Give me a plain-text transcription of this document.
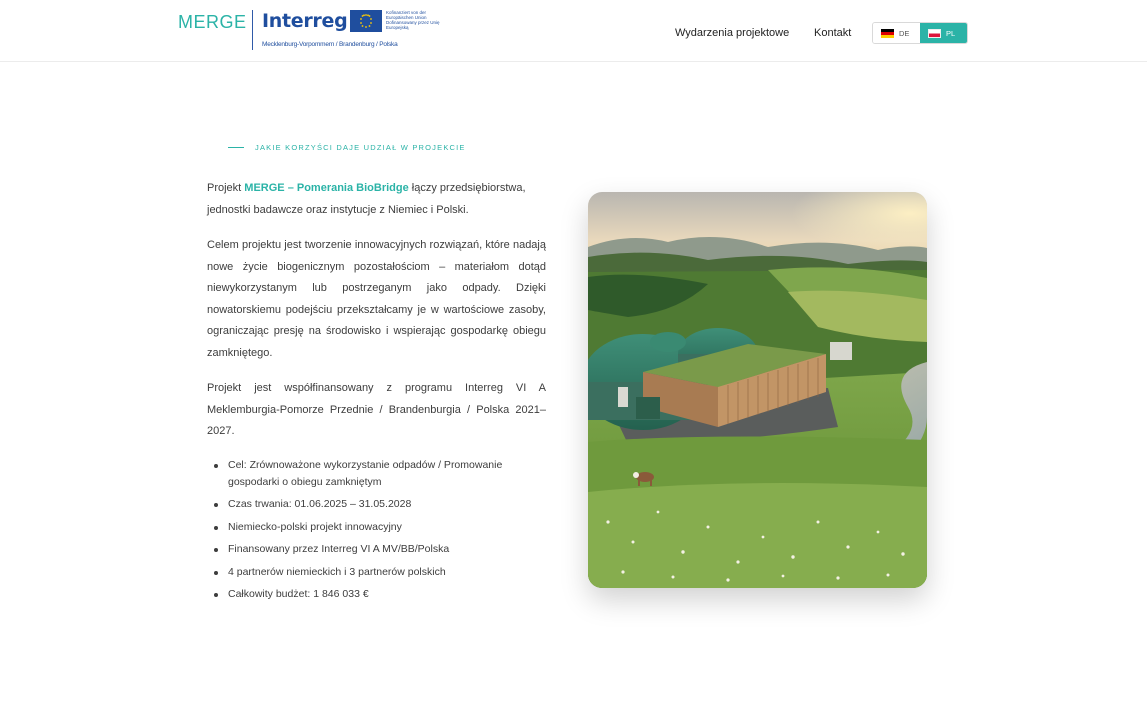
MERGE Interreg	Kofinanziert von der Europäischen Union Dofinansowany przez Unię Europejską
Mecklenburg-Vorpommern / Brandenburg / Polska
Wydarzenia projektowe Kontakt	DE	PL
JAKIE KORZYŚCI DAJE UDZIAŁ W PROJEKCIE

Projekt MERGE – Pomerania BioBridge łączy przedsiębiorstwa, jednostki badawcze oraz instytucje z Niemiec i Polski.

Celem projektu jest tworzenie innowacyjnych rozwiązań, które nadają nowe życie biogenicznym pozostałościom – materiałom dotąd niewykorzystanym lub postrzeganym jako odpady. Dzięki nowatorskiemu podejściu przekształcamy je w wartościowe zasoby, ograniczając presję na środowisko i wspierając gospodarkę obiegu zamkniętego.

Projekt jest współfinansowany z programu Interreg VI A Meklemburgia-Pomorze Przednie / Brandenburgia / Polska 2021–2027.

Cel: Zrównoważone wykorzystanie odpadów / Promowanie gospodarki o obiegu zamkniętym
Czas trwania: 01.06.2025 – 31.05.2028
Niemiecko-polski projekt innowacyjny
Finansowany przez Interreg VI A MV/BB/Polska
4 partnerów niemieckich i 3 partnerów polskich
Całkowity budżet: 1 846 033 €
